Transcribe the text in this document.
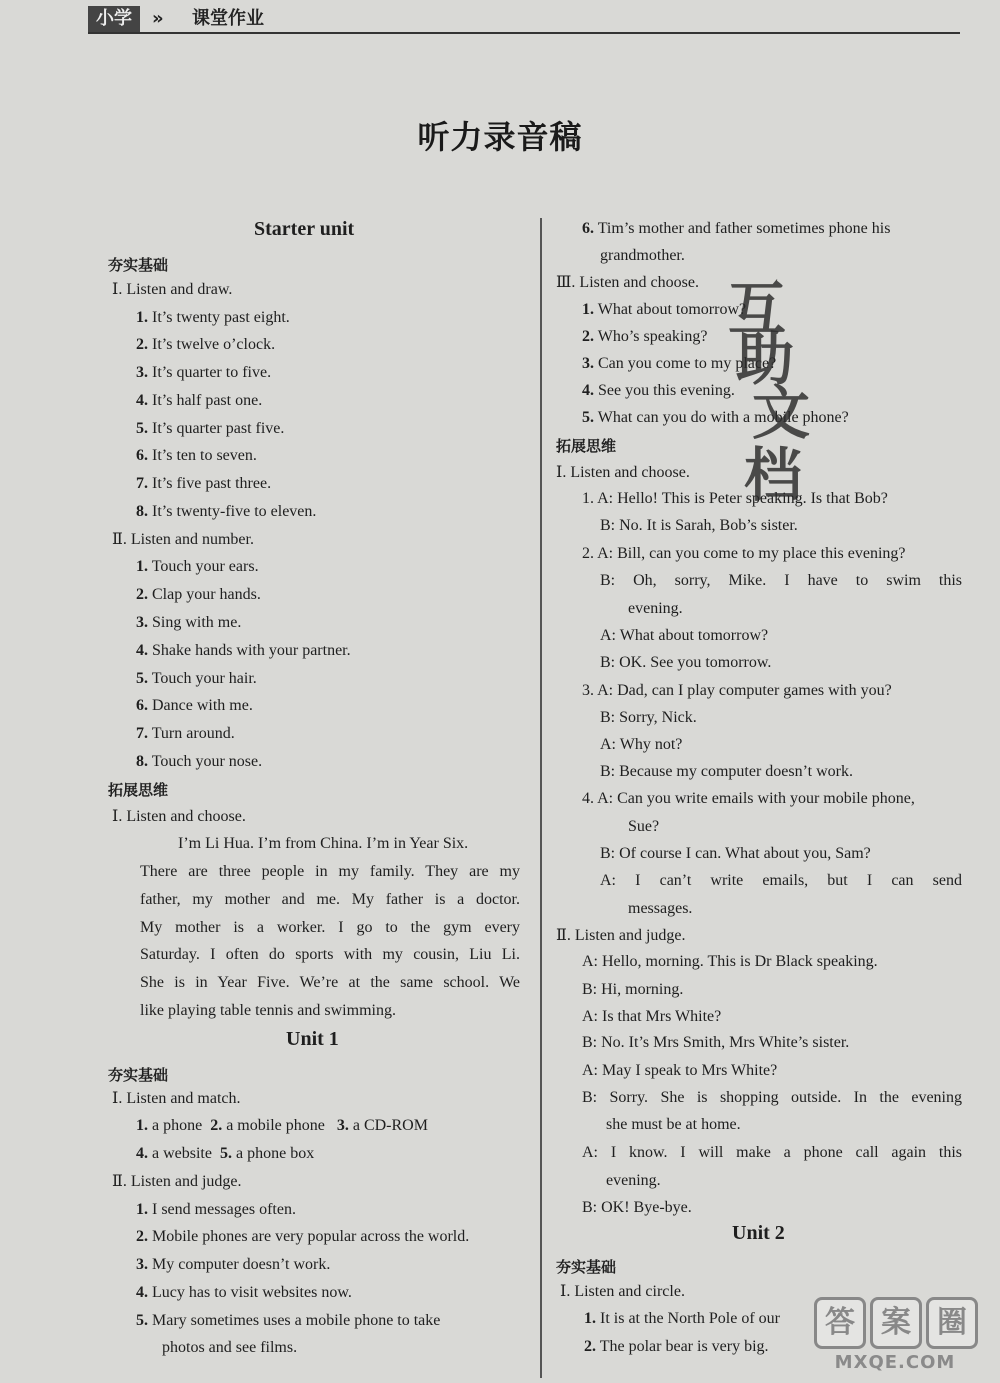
小学	» 课堂作业
听力录音稿
Starter unit
夯实基础
Ⅰ. Listen and draw.
1. It’s twenty past eight.
2. It’s twelve o’clock.
3. It’s quarter to five.
4. It’s half past one.
5. It’s quarter past five.
6. It’s ten to seven.
7. It’s five past three.
8. It’s twenty-five to eleven.
Ⅱ. Listen and number.
1. Touch your ears.
2. Clap your hands.
3. Sing with me.
4. Shake hands with your partner.
5. Touch your hair.
6. Dance with me.
7. Turn around.
8. Touch your nose.
拓展思维
Ⅰ. Listen and choose.
I’m Li Hua. I’m from China. I’m in Year Six.
There are three people in my family. They are my
father, my mother and me. My father is a doctor.
My mother is a worker. I go to the gym every
Saturday. I often do sports with my cousin, Liu Li.
She is in Year Five. We’re at the same school. We
like playing table tennis and swimming.
Unit 1
夯实基础
Ⅰ. Listen and match.
1. a phone 2. a mobile phone 3. a CD-ROM
4. a website 5. a phone box
Ⅱ. Listen and judge.
1. I send messages often.
2. Mobile phones are very popular across the world.
3. My computer doesn’t work.
4. Lucy has to visit websites now.
5. Mary sometimes uses a mobile phone to take
photos and see films.
6. Tim’s mother and father sometimes phone his
grandmother.
Ⅲ. Listen and choose.
1. What about tomorrow?
2. Who’s speaking?
3. Can you come to my place?
4. See you this evening.
5. What can you do with a mobile phone?
拓展思维
Ⅰ. Listen and choose.
1. A: Hello! This is Peter speaking. Is that Bob?
B: No. It is Sarah, Bob’s sister.
2. A: Bill, can you come to my place this evening?
B: Oh, sorry, Mike. I have to swim this
evening.
A: What about tomorrow?
B: OK. See you tomorrow.
3. A: Dad, can I play computer games with you?
B: Sorry, Nick.
A: Why not?
B: Because my computer doesn’t work.
4. A: Can you write emails with your mobile phone,
Sue?
B: Of course I can. What about you, Sam?
A: I can’t write emails, but I can send
messages.
Ⅱ. Listen and judge.
A: Hello, morning. This is Dr Black speaking.
B: Hi, morning.
A: Is that Mrs White?
B: No. It’s Mrs Smith, Mrs White’s sister.
A: May I speak to Mrs White?
B: Sorry. She is shopping outside. In the evening
she must be at home.
A: I know. I will make a phone call again this
evening.
B: OK! Bye-bye.
Unit 2
夯实基础
Ⅰ. Listen and circle.
1. It is at the North Pole of our
2. The polar bear is very big.
互
助
文
档
答 案 圈
MXQE.COM
